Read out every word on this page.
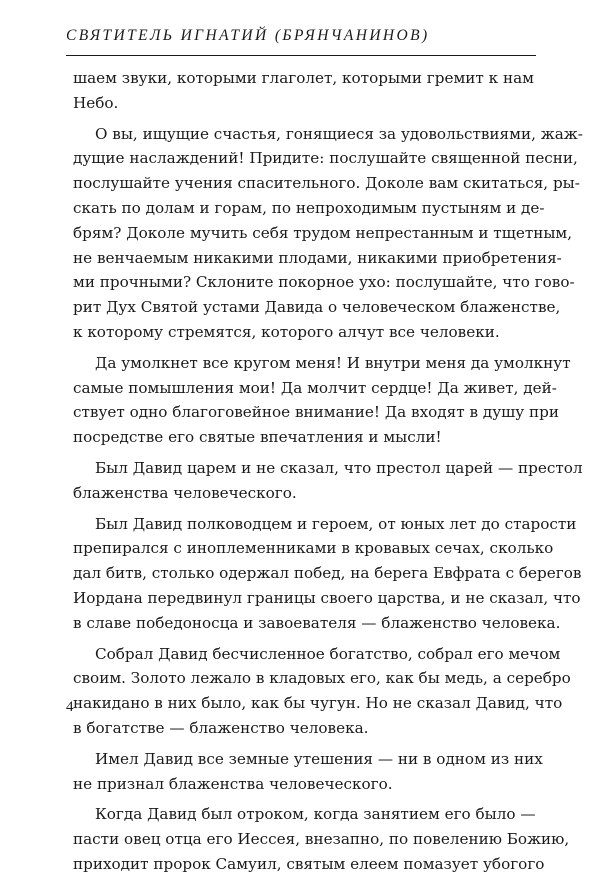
СВЯТИТЕЛЬ ИГНАТИЙ (БРЯНЧАНИНОВ)
шаем звуки, которыми глаголет, которыми гремит к нам
Небо.
О вы, ищущие счастья, гонящиеся за удовольствиями, жаж-
дущие наслаждений! Придите: послушайте священной песни,
послушайте учения спасительного. Доколе вам скитаться, ры-
скать по долам и горам, по непроходимым пустыням и де-
брям? Доколе мучить себя трудом непрестанным и тщетным,
не венчаемым никакими плодами, никакими приобретения-
ми прочными? Склоните покорное ухо: послушайте, что гово-
рит Дух Святой устами Давида о человеческом блаженстве,
к которому стремятся, которого алчут все человеки.
Да умолкнет все кругом меня! И внутри меня да умолкнут
самые помышления мои! Да молчит сердце! Да живет, дей-
ствует одно благоговейное внимание! Да входят в душу при
посредстве его святые впечатления и мысли!
Был Давид царем и не сказал, что престол царей — престол
блаженства человеческого.
Был Давид полководцем и героем, от юных лет до старости
препирался с иноплеменниками в кровавых сечах, сколько
дал битв, столько одержал побед, на берега Евфрата с берегов
Иордана передвинул границы своего царства, и не сказал, что
в славе победоносца и завоевателя — блаженство человека.
Собрал Давид бесчисленное богатство, собрал его мечом
своим. Золото лежало в кладовых его, как бы медь, а серебро
накидано в них было, как бы чугун. Но не сказал Давид, что
в богатстве — блаженство человека.
Имел Давид все земные утешения — ни в одном из них
не признал блаженства человеческого.
Когда Давид был отроком, когда занятием его было —
пасти овец отца его Иессея, внезапно, по повелению Божию,
приходит пророк Самуил, святым елеем помазует убогого
4
